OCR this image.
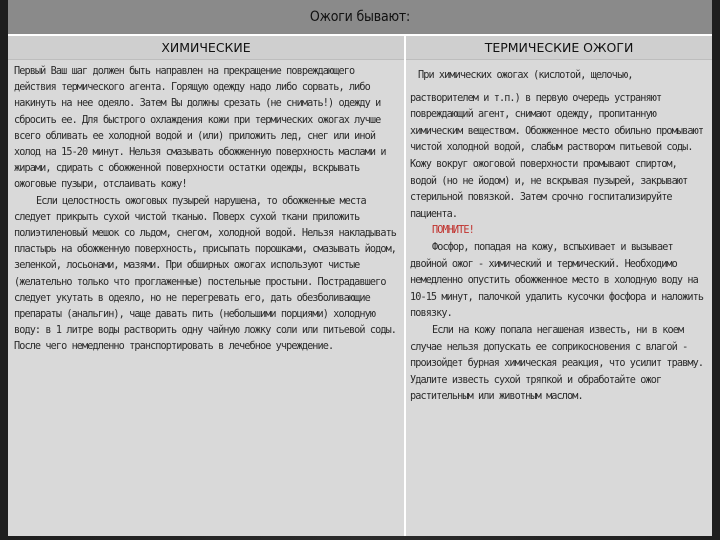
Ожоги бывают:
ХИМИЧЕСКИЕ	ТЕРМИЧЕСКИЕ ОЖОГИ

Первый Ваш шаг должен быть направлен на прекращение повреждающего действия термического агента. Горящую одежду надо либо сорвать, либо накинуть на нее одеяло. Затем Вы должны срезать (не снимать!) одежду и сбросить ее. Для быстрого охлаждения кожи при термических ожогах лучше всего обливать ее холодной водой и (или) приложить лед, снег или иной холод на 15-20 минут. Нельзя смазывать обожженную поверхность маслами и жирами, сдирать с обожженной поверхности остатки одежды, вскрывать ожоговые пузыри, отслаивать кожу!

Если целостность ожоговых пузырей нарушена, то обожженные места следует прикрыть сухой чистой тканью. Поверх сухой ткани приложить полиэтиленовый мешок со льдом, снегом, холодной водой. Нельзя накладывать пластырь на обожженную поверхность, присыпать порошками, смазывать йодом, зеленкой, лосьонами, мазями. При обширных ожогах используют чистые (желательно только что проглаженные) постельные простыни. Пострадавшего следует укутать в одеяло, но не перегревать его, дать обезболивающие препараты (анальгин), чаще давать пить (небольшими порциями) холодную воду: в 1 литре воды растворить одну чайную ложку соли или питьевой соды. После чего немедленно транспортировать в лечебное учреждение.

При химических ожогах (кислотой, щелочью,

растворителем и т.п.) в первую очередь устраняют повреждающий агент, снимают одежду, пропитанную химическим веществом. Обожженное место обильно промывают чистой холодной водой, слабым раствором питьевой соды. Кожу вокруг ожоговой поверхности промывают спиртом, водой (но не йодом) и, не вскрывая пузырей, закрывают стерильной повязкой. Затем срочно госпитализируйте пациента.

ПОМНИТЕ!

Фосфор, попадая на кожу, вспыхивает и вызывает двойной ожог - химический и термический. Необходимо немедленно опустить обожженное место в холодную воду на 10-15 минут, палочкой удалить кусочки фосфора и наложить повязку.

Если на кожу попала негашеная известь, ни в коем случае нельзя допускать ее соприкосновения с влагой - произойдет бурная химическая реакция, что усилит травму. Удалите известь сухой тряпкой и обработайте ожог растительным или животным маслом.
